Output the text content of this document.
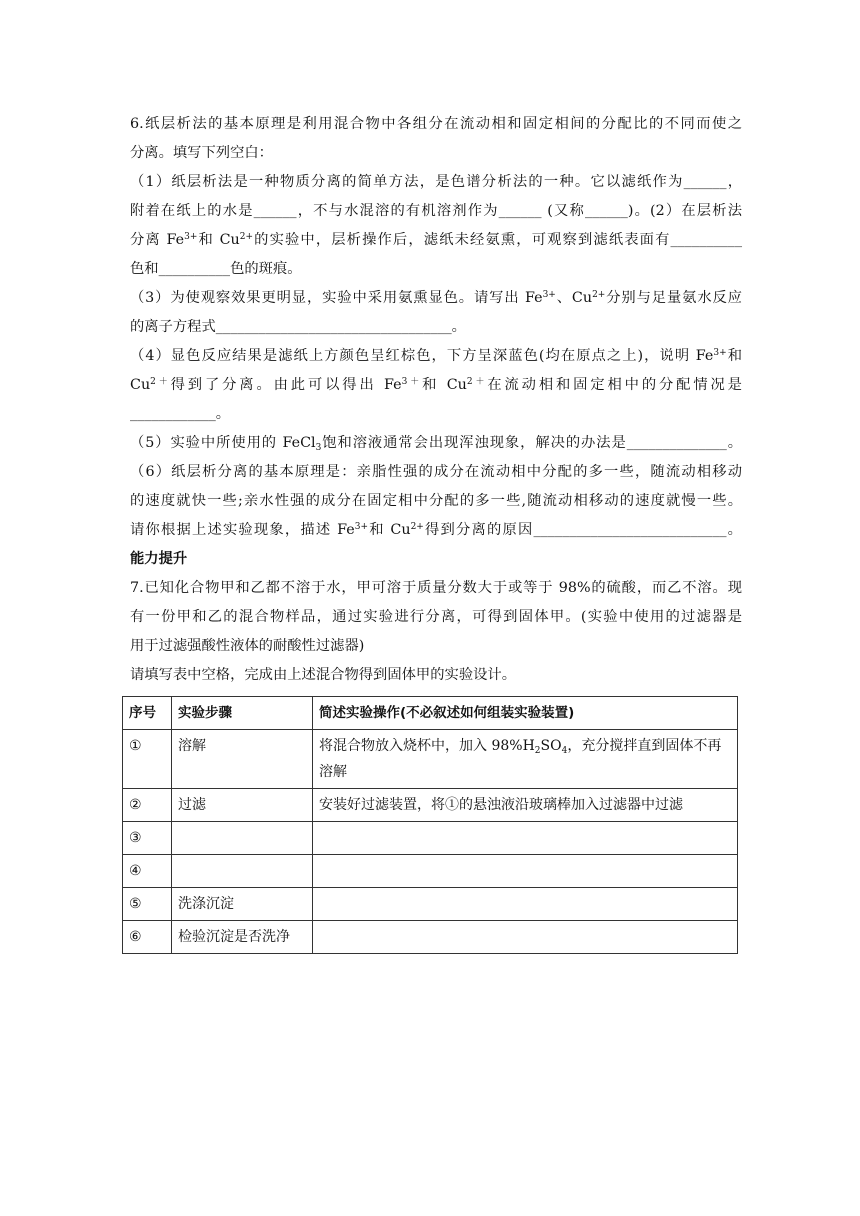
6.纸层析法的基本原理是利用混合物中各组分在流动相和固定相间的分配比的不同而使之

分离。填写下列空白：

（1）纸层析法是一种物质分离的简单方法，是色谱分析法的一种。它以滤纸作为______，

附着在纸上的水是______，不与水混溶的有机溶剂作为______ (又称______)。(2）在层析法

分离 $Fe^{3+}$和 $Cu^{2+}$的实验中，层析操作后，滤纸未经氨熏，可观察到滤纸表面有__________

色和__________色的斑痕。

（3）为使观察效果更明显，实验中采用氨熏显色。请写出 $Fe^{3+}$、$Cu^{2+}$分别与足量氨水反应

的离子方程式_________________________________。

（4）显色反应结果是滤纸上方颜色呈红棕色，下方呈深蓝色(均在原点之上)，说明 $Fe^{3+}$和

$Cu^{2+}$得到了分离。由此可以得出 $Fe^{3+}$和 $Cu^{2+}$在流动相和固定相中的分配情况是

____________。

（5）实验中所使用的 FeCl$_3$饱和溶液通常会出现浑浊现象，解决的办法是______________。

（6）纸层析分离的基本原理是：亲脂性强的成分在流动相中分配的多一些，随流动相移动

的速度就快一些;亲水性强的成分在固定相中分配的多一些,随流动相移动的速度就慢一些。

请你根据上述实验现象，描述 $Fe^{3+}$和 $Cu^{2+}$得到分离的原因___________________________。

能力提升

7.已知化合物甲和乙都不溶于水，甲可溶于质量分数大于或等于 98%的硫酸，而乙不溶。现

有一份甲和乙的混合物样品，通过实验进行分离，可得到固体甲。(实验中使用的过滤器是

用于过滤强酸性液体的耐酸性过滤器)

请填写表中空格，完成由上述混合物得到固体甲的实验设计。

序号	实验步骤	简述实验操作(不必叙述如何组装实验装置)
①	溶解	将混合物放入烧杯中，加入 $98\%H_2SO_4$，充分搅拌直到固体不再溶解
②	过滤	安装好过滤装置，将①的悬浊液沿玻璃棒加入过滤器中过滤
③		
④		
⑤	洗涤沉淀	
⑥	检验沉淀是否洗净	
